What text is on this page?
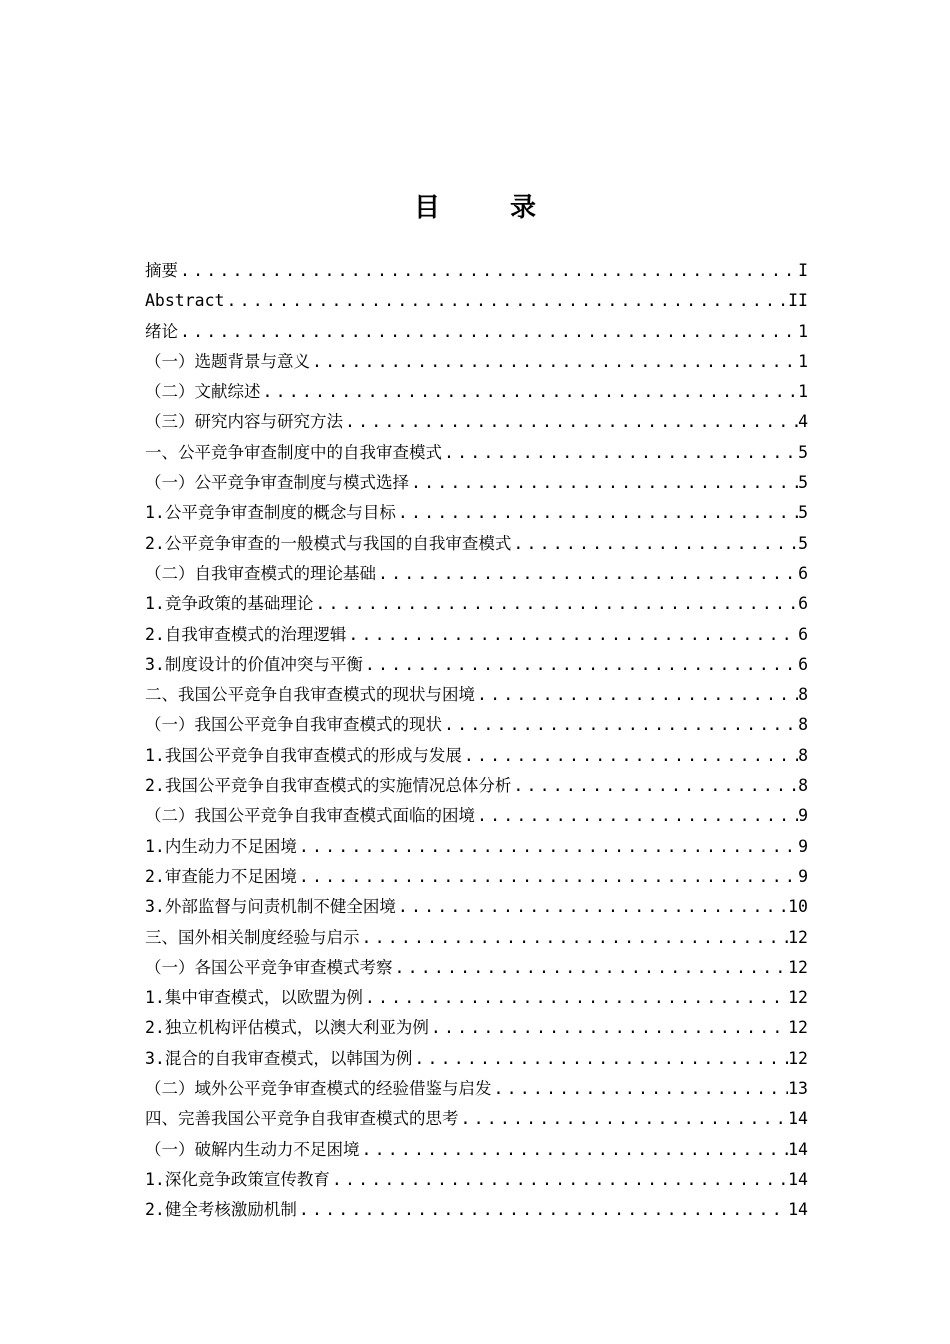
目　录
摘要 .....	I
Abstract .....	II
绪论 .....	1
（一）选题背景与意义 .....	1
（二）文献综述 .....	1
（三）研究内容与研究方法 .....	4
一、公平竞争审查制度中的自我审查模式 .....	5
（一）公平竞争审查制度与模式选择 .....	5
1.公平竞争审查制度的概念与目标 .....	5
2.公平竞争审查的一般模式与我国的自我审查模式 .....	5
（二）自我审查模式的理论基础 .....	6
1.竞争政策的基础理论 .....	6
2.自我审查模式的治理逻辑 .....	6
3.制度设计的价值冲突与平衡 .....	6
二、我国公平竞争自我审查模式的现状与困境 .....	8
（一）我国公平竞争自我审查模式的现状 .....	8
1.我国公平竞争自我审查模式的形成与发展 .....	8
2.我国公平竞争自我审查模式的实施情况总体分析 .....	8
（二）我国公平竞争自我审查模式面临的困境 .....	9
1.内生动力不足困境 .....	9
2.审查能力不足困境 .....	9
3.外部监督与问责机制不健全困境 .....	10
三、国外相关制度经验与启示 .....	12
（一）各国公平竞争审查模式考察 .....	12
1.集中审查模式，以欧盟为例 .....	12
2.独立机构评估模式，以澳大利亚为例 .....	12
3.混合的自我审查模式，以韩国为例 .....	12
（二）域外公平竞争审查模式的经验借鉴与启发 .....	13
四、完善我国公平竞争自我审查模式的思考 .....	14
（一）破解内生动力不足困境 .....	14
1.深化竞争政策宣传教育 .....	14
2.健全考核激励机制 .....	14
